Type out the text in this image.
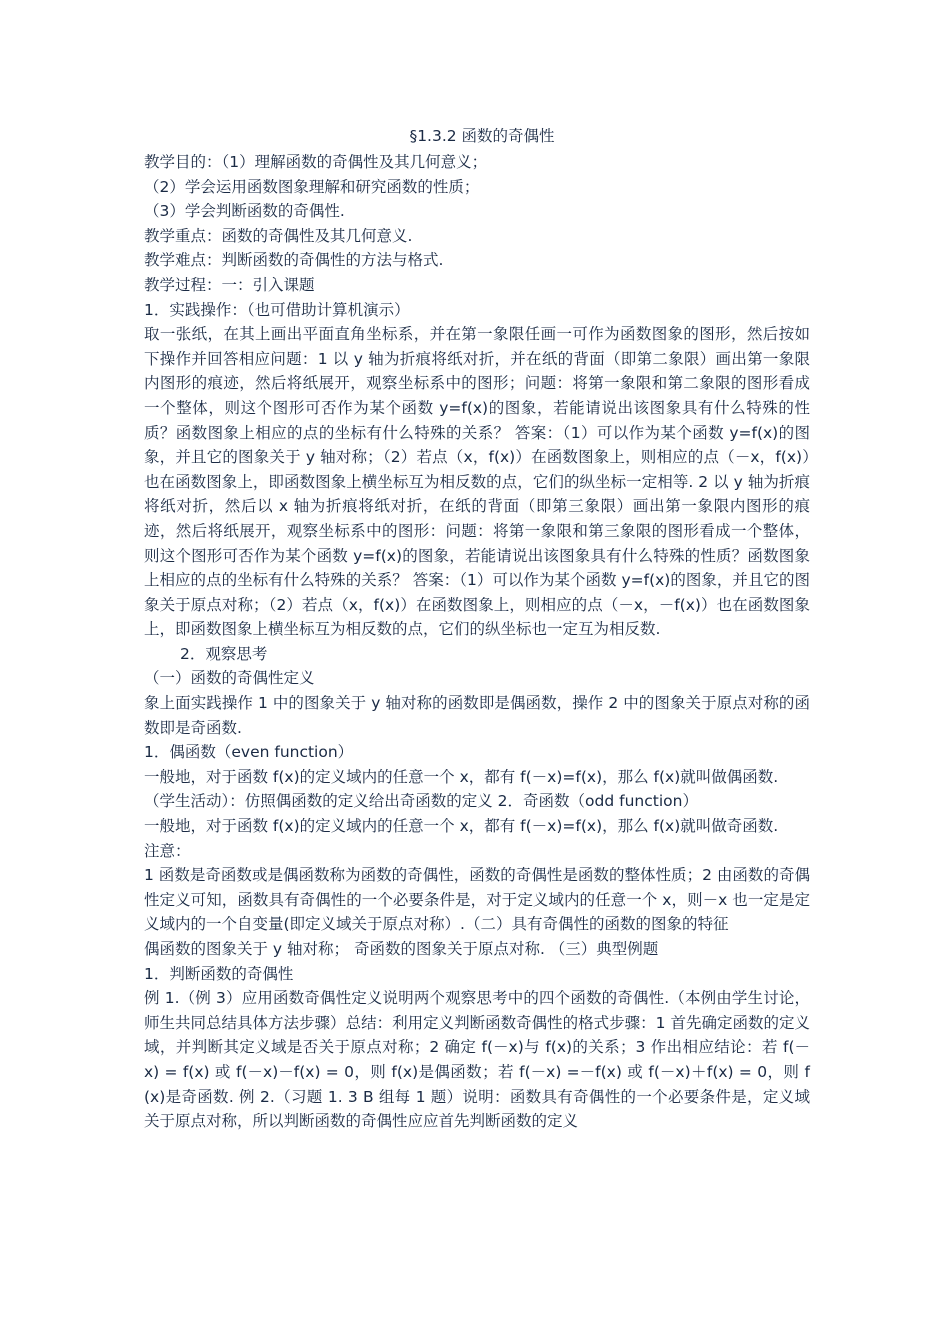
§1.3.2 函数的奇偶性
教学目的：（1）理解函数的奇偶性及其几何意义；
（2）学会运用函数图象理解和研究函数的性质；
（3）学会判断函数的奇偶性.
教学重点：函数的奇偶性及其几何意义.
教学难点：判断函数的奇偶性的方法与格式.
教学过程：一：引入课题
1．实践操作：（也可借助计算机演示）
取一张纸，在其上画出平面直角坐标系，并在第一象限任画一可作为函数图象的图形，然后按如下操作并回答相应问题：1 以 y 轴为折痕将纸对折，并在纸的背面（即第二象限）画出第一象限内图形的痕迹，然后将纸展开，观察坐标系中的图形；问题：将第一象限和第二象限的图形看成一个整体，则这个图形可否作为某个函数 y=f(x)的图象，若能请说出该图象具有什么特殊的性质？函数图象上相应的点的坐标有什么特殊的关系？ 答案：（1）可以作为某个函数 y=f(x)的图象，并且它的图象关于 y 轴对称；（2）若点（x，f(x)）在函数图象上，则相应的点（－x，f(x)）也在函数图象上，即函数图象上横坐标互为相反数的点，它们的纵坐标一定相等. 2 以 y 轴为折痕将纸对折，然后以 x 轴为折痕将纸对折，在纸的背面（即第三象限）画出第一象限内图形的痕迹，然后将纸展开，观察坐标系中的图形：问题：将第一象限和第三象限的图形看成一个整体，则这个图形可否作为某个函数 y=f(x)的图象，若能请说出该图象具有什么特殊的性质？函数图象上相应的点的坐标有什么特殊的关系？ 答案：（1）可以作为某个函数 y=f(x)的图象，并且它的图象关于原点对称；（2）若点（x，f(x)）在函数图象上，则相应的点（－x，－f(x)）也在函数图象上，即函数图象上横坐标互为相反数的点，它们的纵坐标也一定互为相反数.
2．观察思考
（一）函数的奇偶性定义
象上面实践操作 1 中的图象关于 y 轴对称的函数即是偶函数，操作 2 中的图象关于原点对称的函数即是奇函数.
1．偶函数（even function）
一般地，对于函数 f(x)的定义域内的任意一个 x，都有 f(－x)=f(x)，那么 f(x)就叫做偶函数.
（学生活动）：仿照偶函数的定义给出奇函数的定义 2．奇函数（odd function）
一般地，对于函数 f(x)的定义域内的任意一个 x，都有 f(－x)=f(x)，那么 f(x)就叫做奇函数.
注意：
1 函数是奇函数或是偶函数称为函数的奇偶性，函数的奇偶性是函数的整体性质；2 由函数的奇偶性定义可知，函数具有奇偶性的一个必要条件是，对于定义域内的任意一个 x，则－x 也一定是定义域内的一个自变量(即定义域关于原点对称）.（二）具有奇偶性的函数的图象的特征
偶函数的图象关于 y 轴对称； 奇函数的图象关于原点对称. （三）典型例题
1．判断函数的奇偶性
例 1.（例 3）应用函数奇偶性定义说明两个观察思考中的四个函数的奇偶性.（本例由学生讨论，师生共同总结具体方法步骤）总结：利用定义判断函数奇偶性的格式步骤：1 首先确定函数的定义域，并判断其定义域是否关于原点对称；2 确定 f(－x)与 f(x)的关系；3 作出相应结论：若 f(－x) = f(x) 或 f(－x)－f(x) = 0，则 f(x)是偶函数；若 f(－x) =－f(x) 或 f(－x)＋f(x) = 0，则 f(x)是奇函数. 例 2.（习题 1. 3 B 组每 1 题）说明：函数具有奇偶性的一个必要条件是，定义域关于原点对称，所以判断函数的奇偶性应应首先判断函数的定义
